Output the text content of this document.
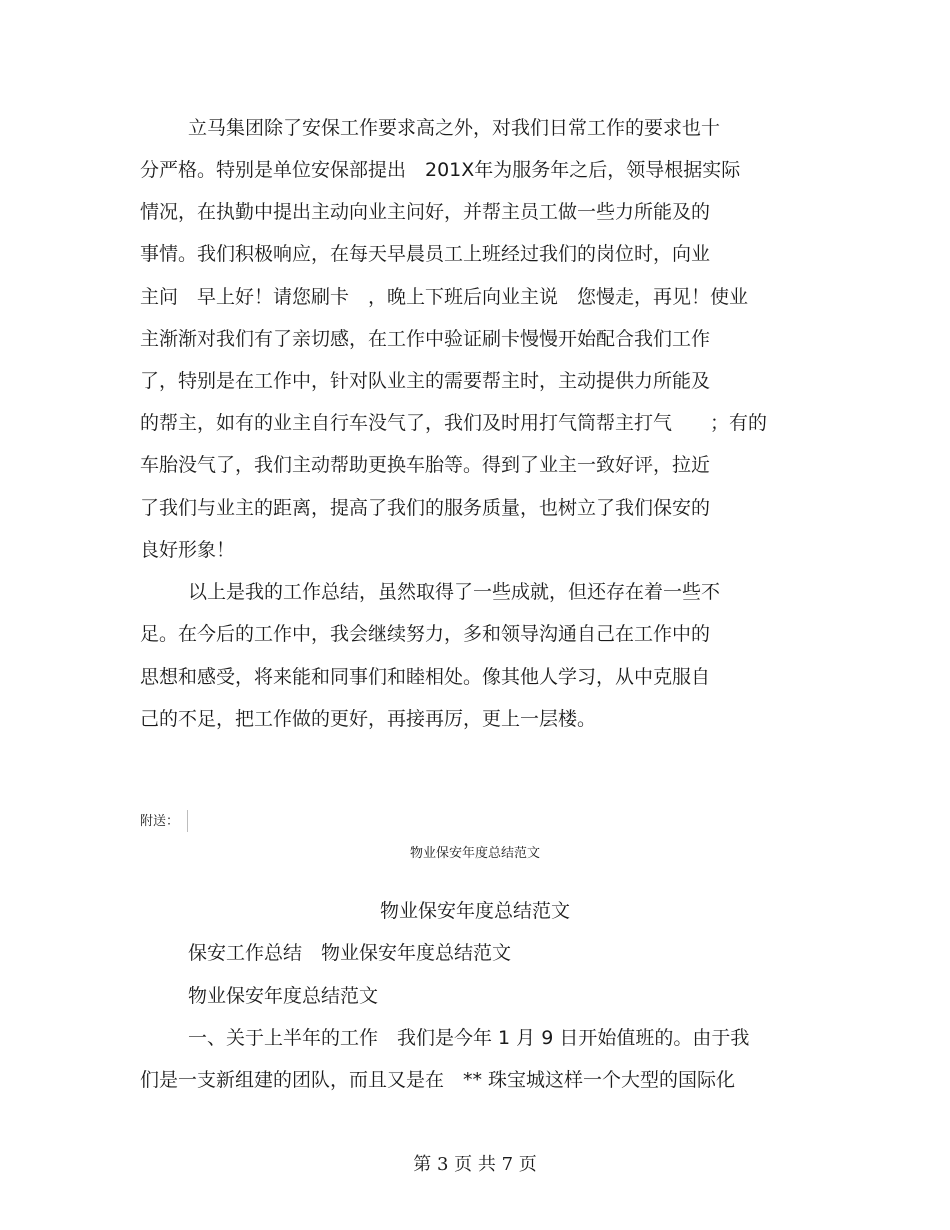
立马集团除了安保工作要求高之外，对我们日常工作的要求也十
分严格。特别是单位安保部提出　201X年为服务年之后，领导根据实际
情况，在执勤中提出主动向业主问好，并帮主员工做一些力所能及的
事情。我们积极响应，在每天早晨员工上班经过我们的岗位时，向业
主问　早上好！请您刷卡　，晚上下班后向业主说　您慢走，再见！使业
主渐渐对我们有了亲切感，在工作中验证刷卡慢慢开始配合我们工作
了，特别是在工作中，针对队业主的需要帮主时，主动提供力所能及
的帮主，如有的业主自行车没气了，我们及时用打气筒帮主打气　　；有的
车胎没气了，我们主动帮助更换车胎等。得到了业主一致好评，拉近
了我们与业主的距离，提高了我们的服务质量，也树立了我们保安的
良好形象！
以上是我的工作总结，虽然取得了一些成就，但还存在着一些不
足。在今后的工作中，我会继续努力，多和领导沟通自己在工作中的
思想和感受，将来能和同事们和睦相处。像其他人学习，从中克服自
己的不足，把工作做的更好，再接再厉，更上一层楼。
附送：
物业保安年度总结范文
物业保安年度总结范文
保安工作总结　物业保安年度总结范文
物业保安年度总结范文
一、关于上半年的工作　我们是今年 1 月 9 日开始值班的。由于我
们是一支新组建的团队，而且又是在　** 珠宝城这样一个大型的国际化
第 3 页 共 7 页
